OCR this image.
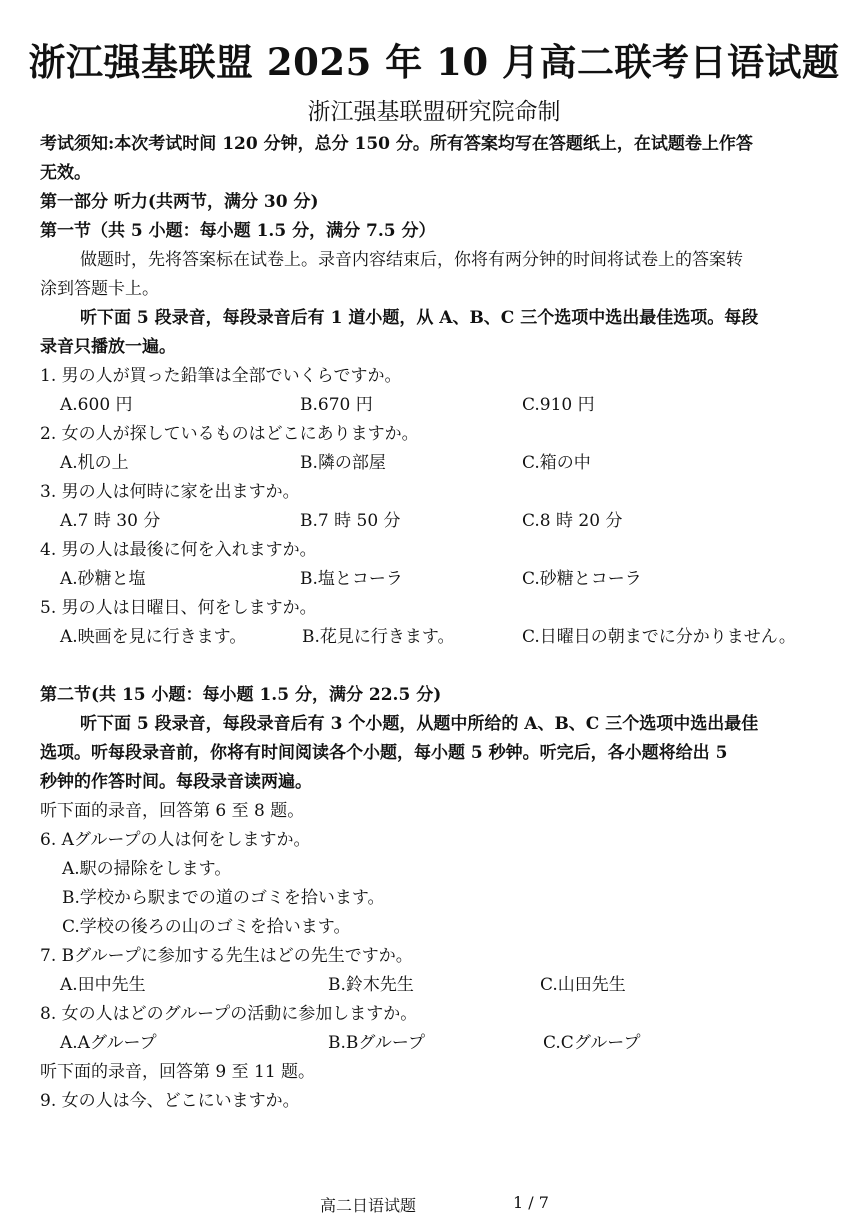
浙江强基联盟 2025 年 10 月高二联考日语试题
浙江强基联盟研究院命制
考试须知:本次考试时间 120 分钟，总分 150 分。所有答案均写在答题纸上，在试题卷上作答
无效。
第一部分 听力(共两节，满分 30 分)
第一节（共 5 小题：每小题 1.5 分，满分 7.5 分）
做题时，先将答案标在试卷上。录音内容结束后，你将有两分钟的时间将试卷上的答案转
涂到答题卡上。
听下面 5 段录音，每段录音后有 1 道小题，从 A、B、C 三个选项中选出最佳选项。每段
录音只播放一遍。
1. 男の人が買った鉛筆は全部でいくらですか。
A.600 円	B.670 円	C.910 円
2. 女の人が探しているものはどこにありますか。
A.机の上	B.隣の部屋	C.箱の中
3. 男の人は何時に家を出ますか。
A.7 時 30 分	B.7 時 50 分	C.8 時 20 分
4. 男の人は最後に何を入れますか。
A.砂糖と塩	B.塩とコーラ	C.砂糖とコーラ
5. 男の人は日曜日、何をしますか。
A.映画を見に行きます。	B.花見に行きます。	C.日曜日の朝までに分かりません。
第二节(共 15 小题：每小题 1.5 分，满分 22.5 分)
听下面 5 段录音，每段录音后有 3 个小题，从题中所给的 A、B、C 三个选项中选出最佳
选项。听每段录音前，你将有时间阅读各个小题，每小题 5 秒钟。听完后，各小题将给出 5
秒钟的作答时间。每段录音读两遍。
听下面的录音，回答第 6 至 8 题。
6. Aグループの人は何をしますか。
A.駅の掃除をします。
B.学校から駅までの道のゴミを拾います。
C.学校の後ろの山のゴミを拾います。
7. Bグループに参加する先生はどの先生ですか。
A.田中先生	B.鈴木先生	C.山田先生
8. 女の人はどのグループの活動に参加しますか。
A.Aグループ	B.Bグループ	C.Cグループ
听下面的录音，回答第 9 至 11 题。
9. 女の人は今、どこにいますか。
高二日语试题	1 / 7
